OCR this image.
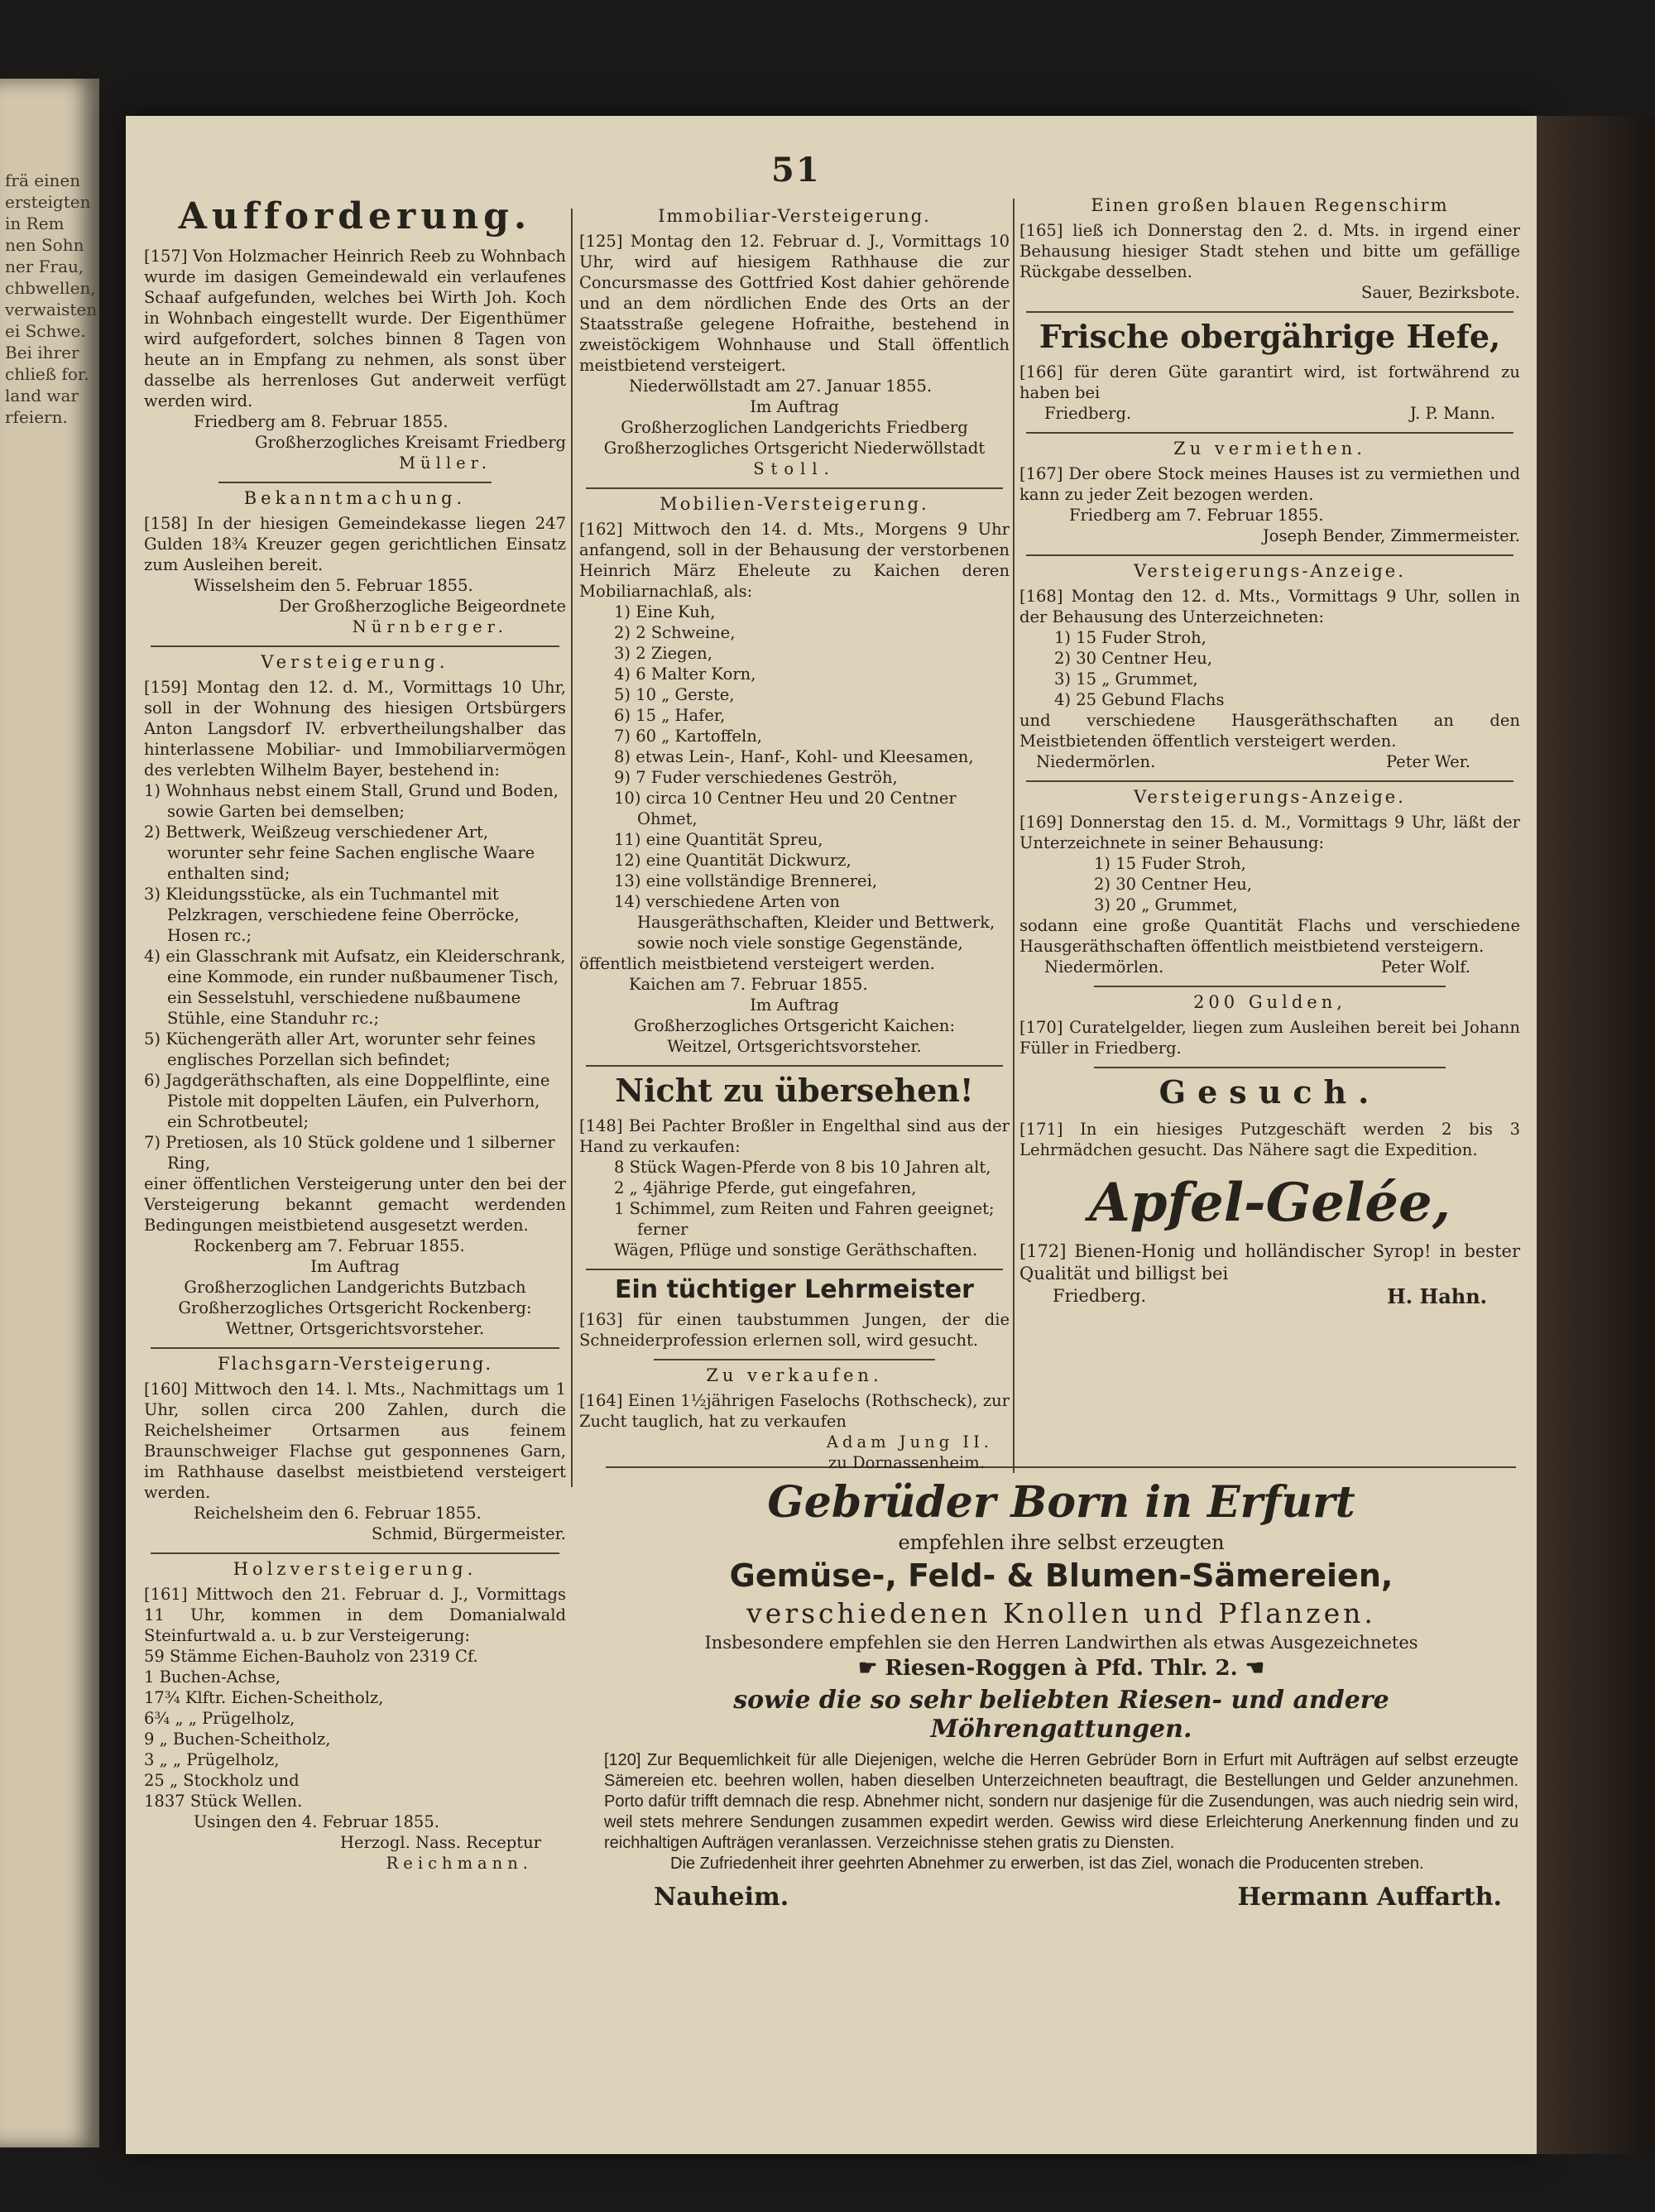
frä einen
ersteigten
in Rem
nen Sohn
ner Frau,
chbwellen,
verwaisten
ei Schwe.
Bei ihrer
chließ for.
land war
rfeiern.
51
Aufforderung.

[157] Von Holzmacher Heinrich Reeb zu Wohnbach wurde im dasigen Gemeindewald ein verlaufenes Schaaf aufgefunden, welches bei Wirth Joh. Koch in Wohnbach eingestellt wurde. Der Eigenthümer wird aufgefordert, solches binnen 8 Tagen von heute an in Empfang zu nehmen, als sonst über dasselbe als herrenloses Gut anderweit verfügt werden wird.

Friedberg am 8. Februar 1855.

Großherzogliches Kreisamt Friedberg

Müller.

Bekanntmachung.

[158] In der hiesigen Gemeindekasse liegen 247 Gulden 18¾ Kreuzer gegen gerichtlichen Einsatz zum Ausleihen bereit.

Wisselsheim den 5. Februar 1855.

Der Großherzogliche Beigeordnete

Nürnberger.

Versteigerung.

[159] Montag den 12. d. M., Vormittags 10 Uhr, soll in der Wohnung des hiesigen Ortsbürgers Anton Langsdorf IV. erbvertheilungshalber das hinterlassene Mobiliar- und Immobiliarvermögen des verlebten Wilhelm Bayer, bestehend in:

1) Wohnhaus nebst einem Stall, Grund und Boden, sowie Garten bei demselben;
2) Bettwerk, Weißzeug verschiedener Art, worunter sehr feine Sachen englische Waare enthalten sind;
3) Kleidungsstücke, als ein Tuchmantel mit Pelzkragen, verschiedene feine Oberröcke, Hosen rc.;
4) ein Glasschrank mit Aufsatz, ein Kleiderschrank, eine Kommode, ein runder nußbaumener Tisch, ein Sesselstuhl, verschiedene nußbaumene Stühle, eine Standuhr rc.;
5) Küchengeräth aller Art, worunter sehr feines englisches Porzellan sich befindet;
6) Jagdgeräthschaften, als eine Doppelflinte, eine Pistole mit doppelten Läufen, ein Pulverhorn, ein Schrotbeutel;
7) Pretiosen, als 10 Stück goldene und 1 silberner Ring,

einer öffentlichen Versteigerung unter den bei der Versteigerung bekannt gemacht werdenden Bedingungen meistbietend ausgesetzt werden.

Rockenberg am 7. Februar 1855.

Im Auftrag

Großherzoglichen Landgerichts Butzbach

Großherzogliches Ortsgericht Rockenberg:

Wettner, Ortsgerichtsvorsteher.

Flachsgarn-Versteigerung.

[160] Mittwoch den 14. l. Mts., Nachmittags um 1 Uhr, sollen circa 200 Zahlen, durch die Reichelsheimer Ortsarmen aus feinem Braunschweiger Flachse gut gesponnenes Garn, im Rathhause daselbst meistbietend versteigert werden.

Reichelsheim den 6. Februar 1855.

Schmid, Bürgermeister.

Holzversteigerung.

[161] Mittwoch den 21. Februar d. J., Vormittags 11 Uhr, kommen in dem Domanialwald Steinfurtwald a. u. b zur Versteigerung:

59 Stämme Eichen-Bauholz von 2319 Cf.
1 Buchen-Achse,
17¾ Klftr. Eichen-Scheitholz,
6¾ „ „ Prügelholz,
9 „ Buchen-Scheitholz,
3 „ „ Prügelholz,
25 „ Stockholz und
1837 Stück Wellen.

Usingen den 4. Februar 1855.

Herzogl. Nass. Receptur

Reichmann.

Immobiliar-Versteigerung.

[125] Montag den 12. Februar d. J., Vormittags 10 Uhr, wird auf hiesigem Rathhause die zur Concursmasse des Gottfried Kost dahier gehörende und an dem nördlichen Ende des Orts an der Staatsstraße gelegene Hofraithe, bestehend in zweistöckigem Wohnhause und Stall öffentlich meistbietend versteigert.

Niederwöllstadt am 27. Januar 1855.

Im Auftrag

Großherzoglichen Landgerichts Friedberg

Großherzogliches Ortsgericht Niederwöllstadt

Stoll.

Mobilien-Versteigerung.

[162] Mittwoch den 14. d. Mts., Morgens 9 Uhr anfangend, soll in der Behausung der verstorbenen Heinrich März Eheleute zu Kaichen deren Mobiliarnachlaß, als:

1) Eine Kuh,
2) 2 Schweine,
3) 2 Ziegen,
4) 6 Malter Korn,
5) 10 „ Gerste,
6) 15 „ Hafer,
7) 60 „ Kartoffeln,
8) etwas Lein-, Hanf-, Kohl- und Kleesamen,
9) 7 Fuder verschiedenes Geströh,
10) circa 10 Centner Heu und 20 Centner Ohmet,
11) eine Quantität Spreu,
12) eine Quantität Dickwurz,
13) eine vollständige Brennerei,
14) verschiedene Arten von Hausgeräthschaften, Kleider und Bettwerk, sowie noch viele sonstige Gegenstände,

öffentlich meistbietend versteigert werden.

Kaichen am 7. Februar 1855.

Im Auftrag

Großherzogliches Ortsgericht Kaichen:

Weitzel, Ortsgerichtsvorsteher.

Nicht zu übersehen!

[148] Bei Pachter Broßler in Engelthal sind aus der Hand zu verkaufen:

8 Stück Wagen-Pferde von 8 bis 10 Jahren alt,
2 „ 4jährige Pferde, gut eingefahren,
1 Schimmel, zum Reiten und Fahren geeignet; ferner
Wägen, Pflüge und sonstige Geräthschaften.
Ein tüchtiger Lehrmeister

[163] für einen taubstummen Jungen, der die Schneiderprofession erlernen soll, wird gesucht.

Zu verkaufen.

[164] Einen 1½jährigen Faselochs (Rothscheck), zur Zucht tauglich, hat zu verkaufen

Adam Jung II.

zu Dornassenheim.

Einen großen blauen Regenschirm

[165] ließ ich Donnerstag den 2. d. Mts. in irgend einer Behausung hiesiger Stadt stehen und bitte um gefällige Rückgabe desselben.

Sauer, Bezirksbote.

Frische obergährige Hefe,

[166] für deren Güte garantirt wird, ist fortwährend zu haben bei

Friedberg.	J. P. Mann.
Zu vermiethen.

[167] Der obere Stock meines Hauses ist zu vermiethen und kann zu jeder Zeit bezogen werden.

Friedberg am 7. Februar 1855.

Joseph Bender, Zimmermeister.

Versteigerungs-Anzeige.

[168] Montag den 12. d. Mts., Vormittags 9 Uhr, sollen in der Behausung des Unterzeichneten:

1) 15 Fuder Stroh,
2) 30 Centner Heu,
3) 15 „ Grummet,
4) 25 Gebund Flachs

und verschiedene Hausgeräthschaften an den Meistbietenden öffentlich versteigert werden.

Niedermörlen.	Peter Wer.
Versteigerungs-Anzeige.

[169] Donnerstag den 15. d. M., Vormittags 9 Uhr, läßt der Unterzeichnete in seiner Behausung:

1) 15 Fuder Stroh,
2) 30 Centner Heu,
3) 20 „ Grummet,

sodann eine große Quantität Flachs und verschiedene Hausgeräthschaften öffentlich meistbietend versteigern.

Niedermörlen.	Peter Wolf.
200 Gulden,

[170] Curatelgelder, liegen zum Ausleihen bereit bei Johann Füller in Friedberg.

Gesuch.

[171] In ein hiesiges Putzgeschäft werden 2 bis 3 Lehrmädchen gesucht. Das Nähere sagt die Expedition.

Apfel-Gelée,

[172] Bienen-Honig und holländischer Syrop! in bester Qualität und billigst bei

Friedberg.	H. Hahn.
Gebrüder Born in Erfurt
empfehlen ihre selbst erzeugten
Gemüse-, Feld- & Blumen-Sämereien,
verschiedenen Knollen und Pflanzen.
Insbesondere empfehlen sie den Herren Landwirthen als etwas Ausgezeichnetes
☛ Riesen-Roggen à Pfd. Thlr. 2. ☚
sowie die so sehr beliebten Riesen- und andere Möhrengattungen.

[120] Zur Bequemlichkeit für alle Diejenigen, welche die Herren Gebrüder Born in Erfurt mit Aufträgen auf selbst erzeugte Sämereien etc. beehren wollen, haben dieselben Unterzeichneten beauftragt, die Bestellungen und Gelder anzunehmen. Porto dafür trifft demnach die resp. Abnehmer nicht, sondern nur dasjenige für die Zusendungen, was auch niedrig sein wird, weil stets mehrere Sendungen zusammen expedirt werden. Gewiss wird diese Erleichterung Anerkennung finden und zu reichhaltigen Aufträgen veranlassen. Verzeichnisse stehen gratis zu Diensten.

Die Zufriedenheit ihrer geehrten Abnehmer zu erwerben, ist das Ziel, wonach die Producenten streben.

Nauheim.	Hermann Auffarth.
